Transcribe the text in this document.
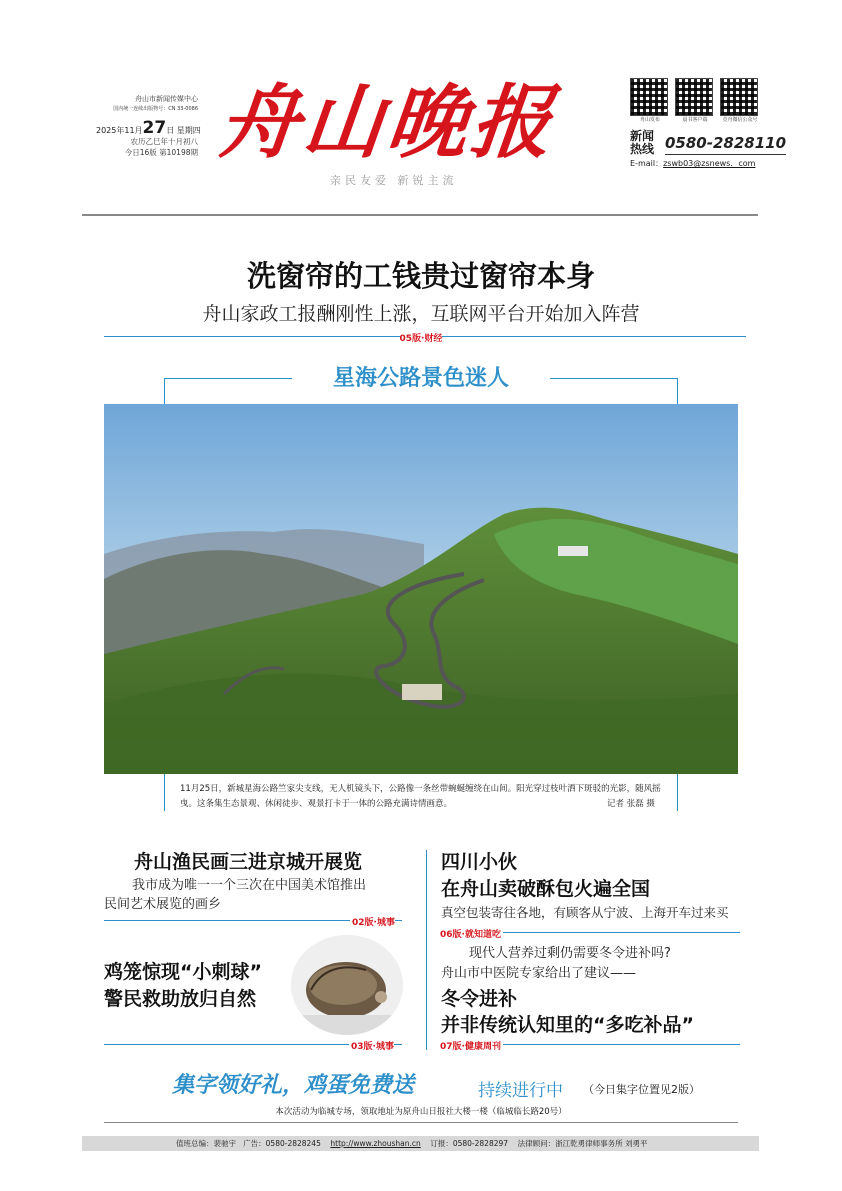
舟山市新闻传媒中心
国内统一连续出版物号：CN 33-0086
2025年11月27日 星期四
农历乙巳年十月初八
今日16版 第10198期 舟山晚报
亲民友爱 新锐主流
舟山发布	晨书客户端	竞舟微信公众号
新闻
热线 0580-2828110
E-mail：zswb03@zsnews．com
洗窗帘的工钱贵过窗帘本身
舟山家政工报酬刚性上涨，互联网平台开始加入阵营
05版·财经
星海公路景色迷人
11月25日，新城星海公路竺家尖支线，无人机镜头下，公路像一条丝带蜿蜒缠绕在山间。阳光穿过枝叶洒下斑驳的光影，随风摇曳。这条集生态景观、休闲徒步、观景打卡于一体的公路充满诗情画意。	记者 张磊 摄
舟山渔民画三进京城开展览
我市成为唯一一个三次在中国美术馆推出
民间艺术展览的画乡
02版·城事
鸡笼惊现“小刺球”
警民救助放归自然
03版·城事
四川小伙
在舟山卖破酥包火遍全国
真空包装寄往各地，有顾客从宁波、上海开车过来买
06版·就知道吃
现代人营养过剩仍需要冬令进补吗?
舟山市中医院专家给出了建议——
冬令进补
并非传统认知里的“多吃补品”
07版·健康周刊
集字领好礼，鸡蛋免费送	持续进行中 （今日集字位置见2版）
本次活动为临城专场，领取地址为原舟山日报社大楼一楼（临城临长路20号）
值班总编：裴驰宇 广告：0580-2828245 http://www.zhoushan.cn 订报：0580-2828297 法律顾问：浙江乾勇律师事务所 刘勇平
